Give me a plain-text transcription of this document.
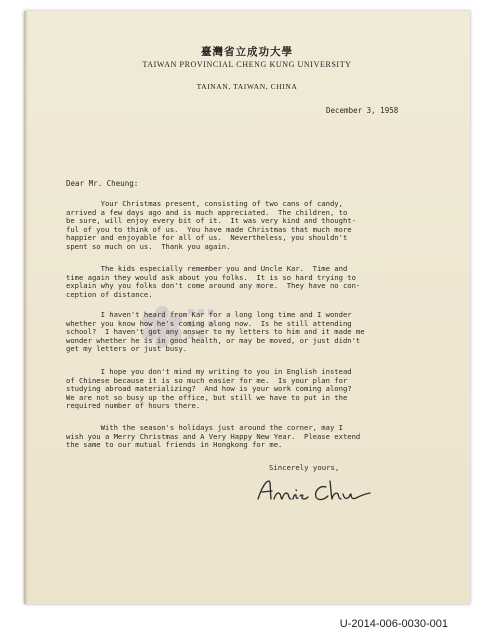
臺灣省立成功大學
TAIWAN PROVINCIAL CHENG KUNG UNIVERSITY
TAINAN, TAIWAN, CHINA
December 3, 1958
Dear Mr. Cheung:
Your Christmas present, consisting of two cans of candy,
arrived a few days ago and is much appreciated.  The children, to
be sure, will enjoy every bit of it.  It was very kind and thought-
ful of you to think of us.  You have made Christmas that much more
happier and enjoyable for all of us.  Nevertheless, you shouldn't
spent so much on us.  Thank you again.
The kids especially remember you and Uncle Kar.  Time and
time again they would ask about you folks.  It is so hard trying to
explain why you folks don't come around any more.  They have no con-
ception of distance.
I haven't heard from Kar for a long long time and I wonder
whether you know how he's coming along now.  Is he still attending
school?  I haven't got any answer to my letters to him and it made me
wonder whether he is in good health, or may be moved, or just didn't
get my letters or just busy.
I hope you don't mind my writing to you in English instead
of Chinese because it is so much easier for me.  Is your plan for
studying abroad materializing?  And how is your work coming along?
We are not so busy up the office, but still we have to put in the
required number of hours there.
With the season's holidays just around the corner, may I
wish you a Merry Christmas and A Very Happy New Year.  Please extend
the same to our mutual friends in Hongkong for me.
Sincerely yours,
U-2014-006-0030-001
